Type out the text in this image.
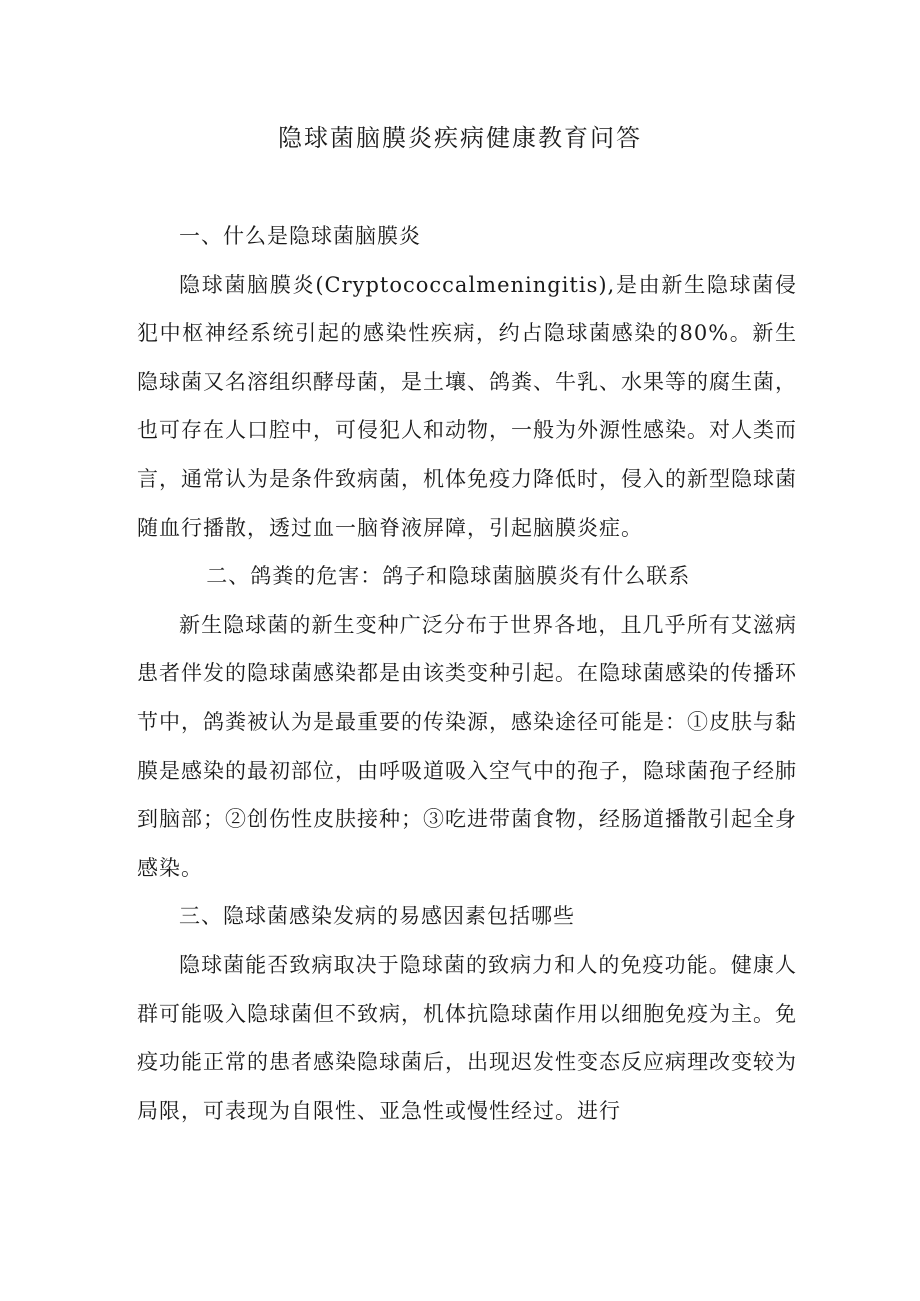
隐球菌脑膜炎疾病健康教育问答

一、什么是隐球菌脑膜炎

隐球菌脑膜炎(Cryptococcalmeningitis),是由新生隐球菌侵犯中枢神经系统引起的感染性疾病，约占隐球菌感染的80%。新生隐球菌又名溶组织酵母菌，是土壤、鸽粪、牛乳、水果等的腐生菌，也可存在人口腔中，可侵犯人和动物，一般为外源性感染。对人类而言，通常认为是条件致病菌，机体免疫力降低时，侵入的新型隐球菌随血行播散，透过血一脑脊液屏障，引起脑膜炎症。

二、鸽粪的危害：鸽子和隐球菌脑膜炎有什么联系

新生隐球菌的新生变种广泛分布于世界各地，且几乎所有艾滋病患者伴发的隐球菌感染都是由该类变种引起。在隐球菌感染的传播环节中，鸽粪被认为是最重要的传染源，感染途径可能是：①皮肤与黏膜是感染的最初部位，由呼吸道吸入空气中的孢子，隐球菌孢子经肺到脑部；②创伤性皮肤接种；③吃进带菌食物，经肠道播散引起全身感染。

三、隐球菌感染发病的易感因素包括哪些

隐球菌能否致病取决于隐球菌的致病力和人的免疫功能。健康人群可能吸入隐球菌但不致病，机体抗隐球菌作用以细胞免疫为主。免疫功能正常的患者感染隐球菌后，出现迟发性变态反应病理改变较为局限，可表现为自限性、亚急性或慢性经过。进行
